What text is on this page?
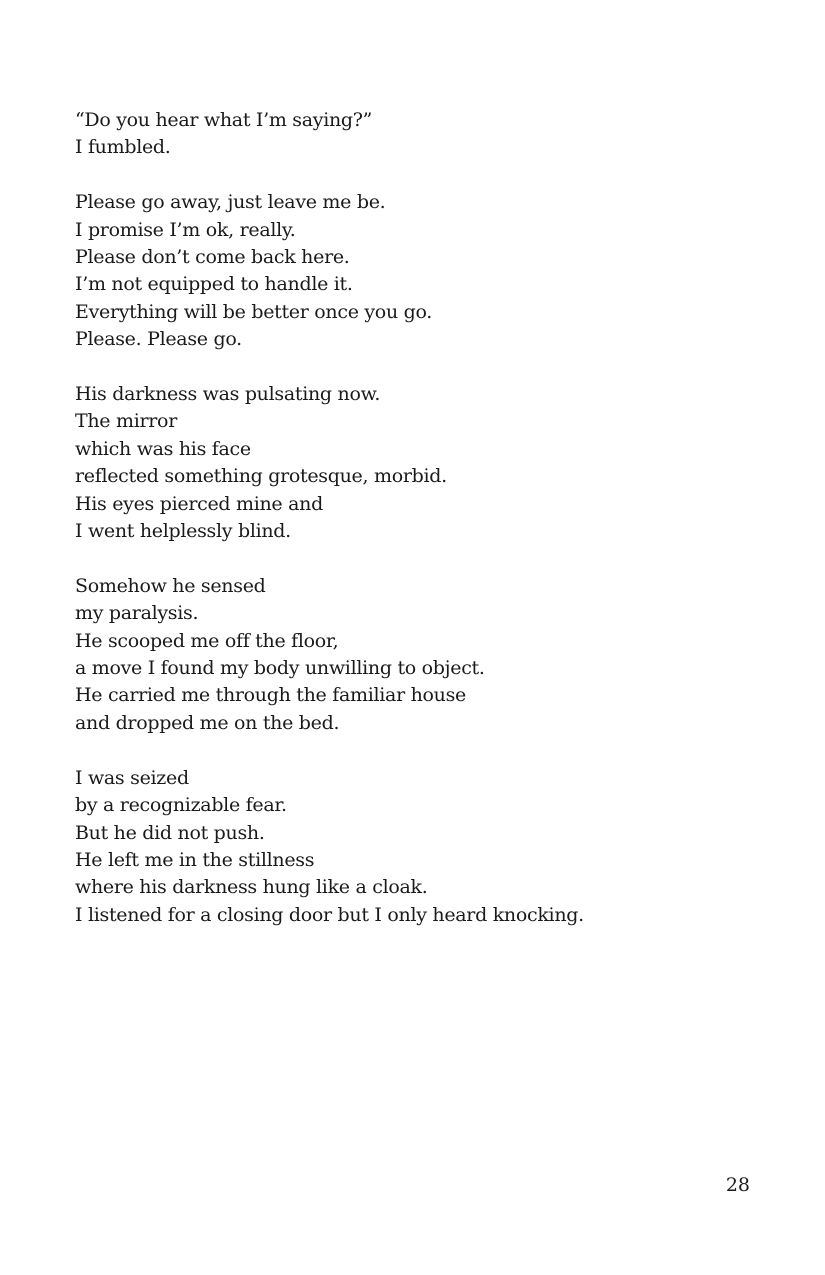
“Do you hear what I’m saying?”
I fumbled.
Please go away, just leave me be.
I promise I’m ok, really.
Please don’t come back here.
I’m not equipped to handle it.
Everything will be better once you go.
Please. Please go.
His darkness was pulsating now.
The mirror
which was his face
reflected something grotesque, morbid.
His eyes pierced mine and
I went helplessly blind.
Somehow he sensed
my paralysis.
He scooped me off the floor,
a move I found my body unwilling to object.
He carried me through the familiar house
and dropped me on the bed.
I was seized
by a recognizable fear.
But he did not push.
He left me in the stillness
where his darkness hung like a cloak.
I listened for a closing door but I only heard knocking.
28
